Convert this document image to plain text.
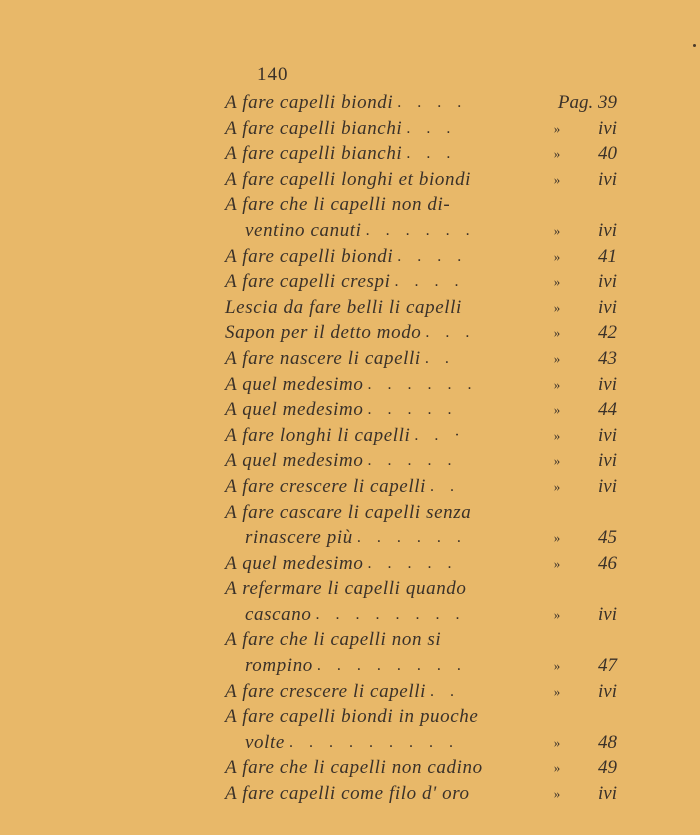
140
A fare capelli biondi . . . .	Pag. 39
A fare capelli bianchi . . .	»	ivi
A fare capelli bianchi . . .	»	40
A fare capelli longhi et biondi	»	ivi
A fare che li capelli non di-
ventino canuti . . . . . .	»	ivi
A fare capelli biondi . . . .	»	41
A fare capelli crespi . . . .	»	ivi
Lescia da fare belli li capelli	»	ivi
Sapon per il detto modo . . .	»	42
A fare nascere li capelli . .	»	43
A quel medesimo . . . . . .	»	ivi
A quel medesimo . . . . .	»	44
A fare longhi li capelli . . ·	»	ivi
A quel medesimo . . . . .	»	ivi
A fare crescere li capelli . .	»	ivi
A fare cascare li capelli senza
rinascere più . . . . . .	»	45
A quel medesimo . . . . .	»	46
A refermare li capelli quando
cascano . . . . . . . .	»	ivi
A fare che li capelli non si
rompino . . . . . . . .	»	47
A fare crescere li capelli . .	»	ivi
A fare capelli biondi in puoche
volte . . . . . . . . .	»	48
A fare che li capelli non cadino	»	49
A fare capelli come filo d' oro	»	ivi
